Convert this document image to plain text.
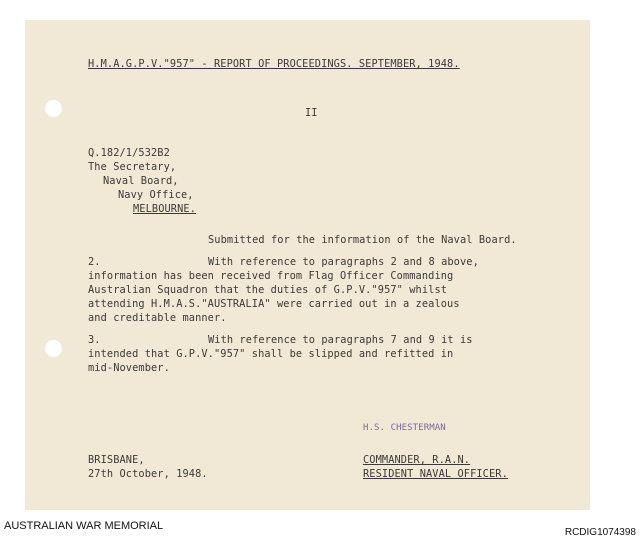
H.M.A.G.P.V."957" - REPORT OF PROCEEDINGS. SEPTEMBER, 1948.

II

Q.182/1/532B2

The Secretary,

Naval Board,

Navy Office,

MELBOURNE.

Submitted for the information of the Naval Board.

2.	With reference to paragraphs 2 and 8 above,

information has been received from Flag Officer Commanding

Australian Squadron that the duties of G.P.V."957" whilst

attending H.M.A.S."AUSTRALIA" were carried out in a zealous

and creditable manner.

3.	With reference to paragraphs 7 and 9 it is

intended that G.P.V."957" shall be slipped and refitted in

mid-November.

H.S. CHESTERMAN

BRISBANE,

27th October, 1948.

COMMANDER, R.A.N.

RESIDENT NAVAL OFFICER.

AUSTRALIAN WAR MEMORIAL

RCDIG1074398
